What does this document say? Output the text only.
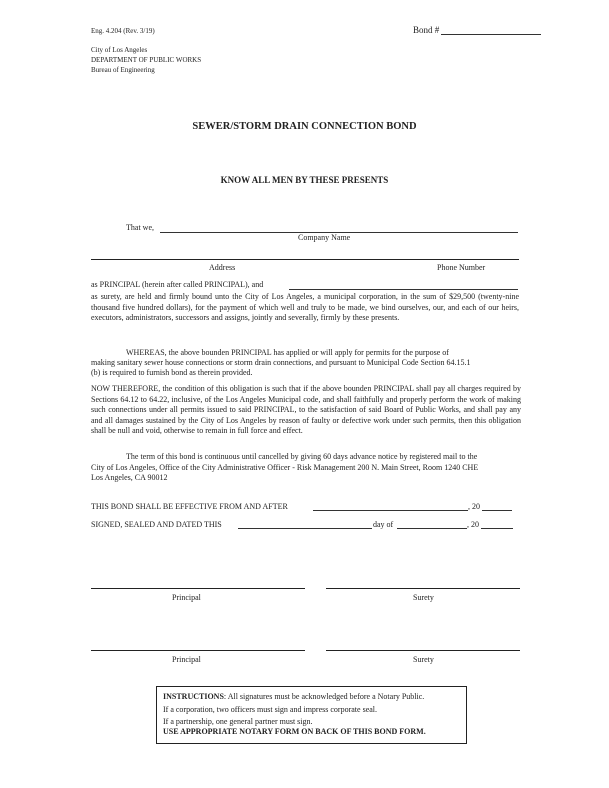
Eng. 4.204 (Rev. 3/19)	Bond #
City of Los Angeles
DEPARTMENT OF PUBLIC WORKS
Bureau of Engineering
SEWER/STORM DRAIN CONNECTION BOND
KNOW ALL MEN BY THESE PRESENTS
That we,
Company Name
Address	Phone Number
as PRINCIPAL (herein after called PRINCIPAL), and
as surety, are held and firmly bound unto the City of Los Angeles, a municipal corporation, in the sum of $29,500 (twenty-nine thousand five hundred dollars), for the payment of which well and truly to be made, we bind ourselves, our, and each of our heirs, executors, administrators, successors and assigns, jointly and severally, firmly by these presents.
WHEREAS, the above bounden PRINCIPAL has applied or will apply for permits for the purpose of
making sanitary sewer house connections or storm drain connections, and pursuant to Municipal Code Section 64.15.1
(b) is required to furnish bond as therein provided.
NOW THEREFORE, the condition of this obligation is such that if the above bounden PRINCIPAL shall pay all charges required by Sections 64.12 to 64.22, inclusive, of the Los Angeles Municipal code, and shall faithfully and properly perform the work of making such connections under all permits issued to said PRINCIPAL, to the satisfaction of said Board of Public Works, and shall pay any and all damages sustained by the City of Los Angeles by reason of faulty or defective work under such permits, then this obligation shall be null and void, otherwise to remain in full force and effect.
The term of this bond is continuous until cancelled by giving 60 days advance notice by registered mail to the
City of Los Angeles, Office of the City Administrative Officer - Risk Management 200 N. Main Street, Room 1240 CHE
Los Angeles, CA 90012
THIS BOND SHALL BE EFFECTIVE FROM AND AFTER	, 20
SIGNED, SEALED AND DATED THIS	day of	, 20
Principal	Surety
Principal	Surety
INSTRUCTIONS: All signatures must be acknowledged before a Notary Public.
If a corporation, two officers must sign and impress corporate seal.
If a partnership, one general partner must sign.
USE APPROPRIATE NOTARY FORM ON BACK OF THIS BOND FORM.
